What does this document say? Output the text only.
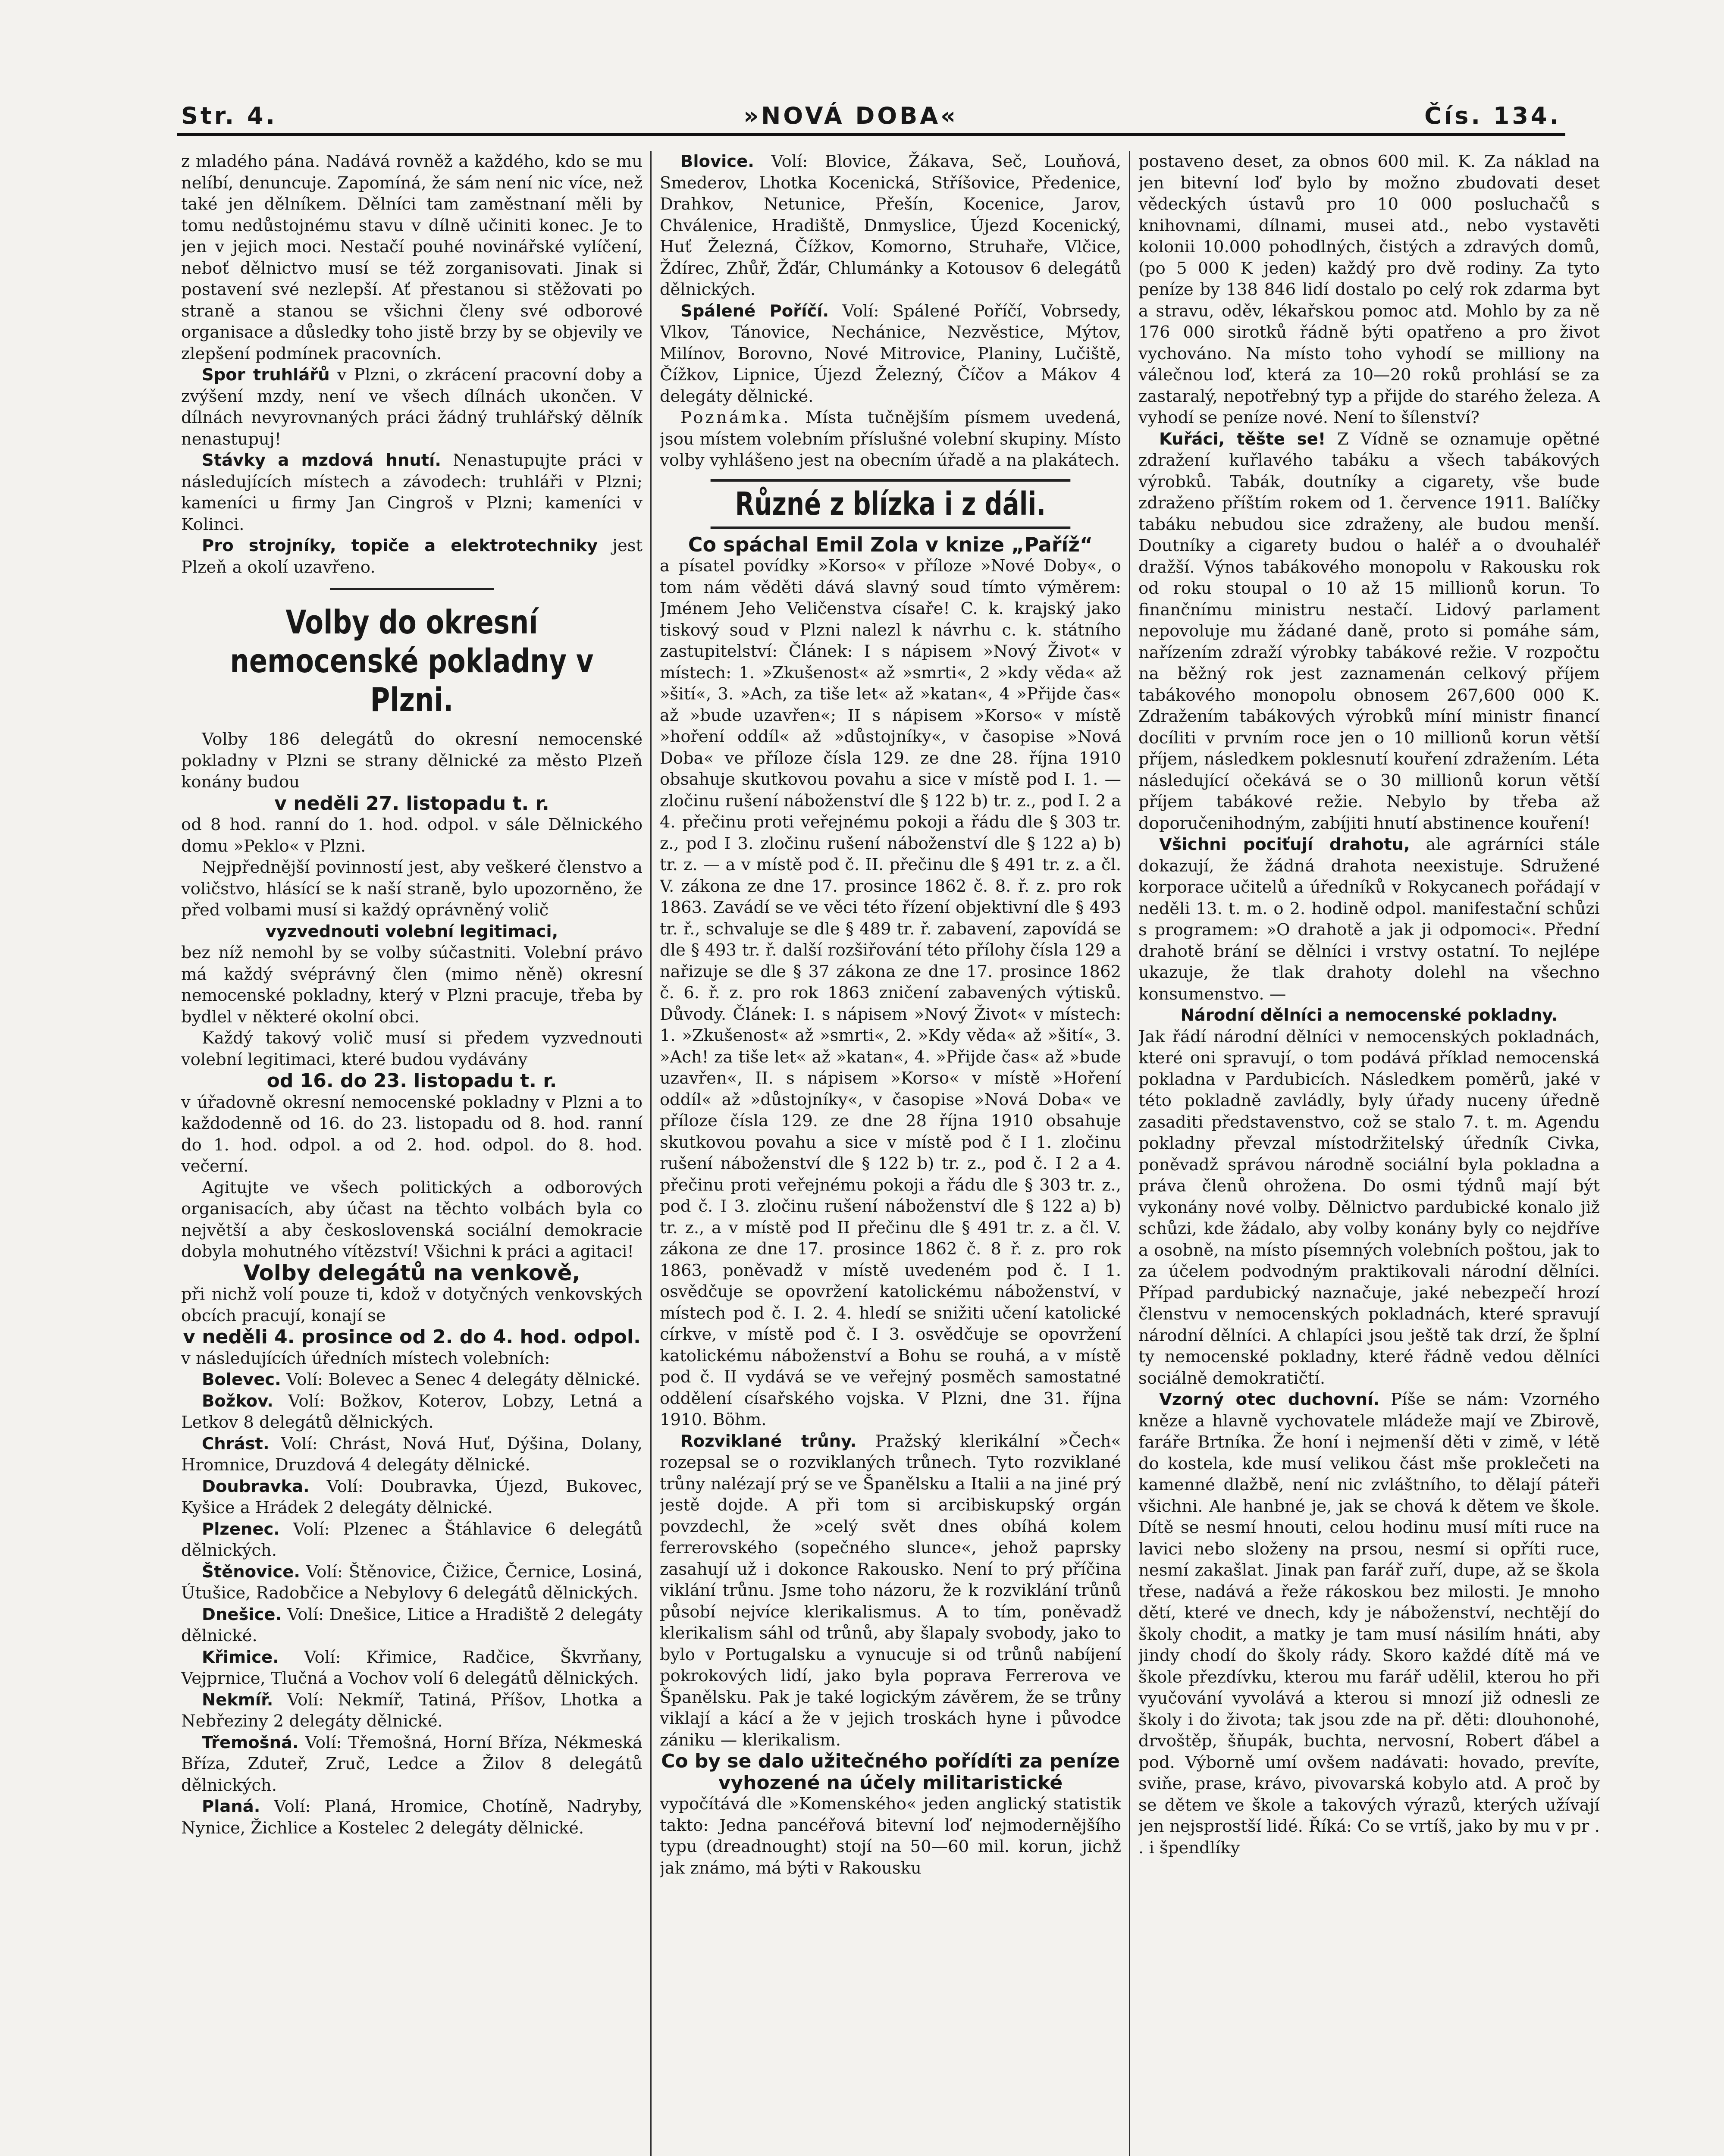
Str. 4.	»NOVÁ DOBA«	Čís. 134.

z mladého pána. Nadává rovněž a každého, kdo se mu nelíbí, denuncuje. Zapomíná, že sám není nic více, než také jen dělníkem. Dělníci tam zaměstnaní měli by tomu nedůstojnému stavu v dílně učiniti konec. Je to jen v jejich moci. Nestačí pouhé novinářské vylíčení, neboť dělnictvo musí se též zorganisovati. Jinak si postavení své nezlepší. Ať přestanou si stěžovati po straně a stanou se všichni členy své odborové organisace a důsledky toho jistě brzy by se objevily ve zlepšení podmínek pracovních.

Spor truhlářů v Plzni, o zkrácení pracovní doby a zvýšení mzdy, není ve všech dílnách ukončen. V dílnách nevyrovnaných práci žádný truhlářský dělník nenastupuj!

Stávky a mzdová hnutí. Nenastupujte práci v následujících místech a závodech: truhláři v Plzni; kameníci u firmy Jan Cingroš v Plzni; kameníci v Kolinci.

Pro strojníky, topiče a elektrotechniky jest Plzeň a okolí uzavřeno.

Volby do okresní nemocenské pokladny v Plzni.

Volby 186 delegátů do okresní nemocenské pokladny v Plzni se strany dělnické za město Plzeň konány budou

v neděli 27. listopadu t. r.

od 8 hod. ranní do 1. hod. odpol. v sále Dělnického domu »Peklo« v Plzni.

Nejpřednější povinností jest, aby veškeré členstvo a voličstvo, hlásící se k naší straně, bylo upozorněno, že před volbami musí si každý oprávněný volič

vyzvednouti volební legitimaci,

bez níž nemohl by se volby súčastniti. Volební právo má každý svéprávný člen (mimo něně) okresní nemocenské pokladny, který v Plzni pracuje, třeba by bydlel v některé okolní obci.

Každý takový volič musí si předem vyzvednouti volební legitimaci, které budou vydávány

od 16. do 23. listopadu t. r.

v úřadovně okresní nemocenské pokladny v Plzni a to každodenně od 16. do 23. listopadu od 8. hod. ranní do 1. hod. odpol. a od 2. hod. odpol. do 8. hod. večerní.

Agitujte ve všech politických a odborových organisacích, aby účast na těchto volbách byla co největší a aby československá sociální demokracie dobyla mohutného vítězství! Všichni k práci a agitaci!

Volby delegátů na venkově,

při nichž volí pouze ti, kdož v dotyčných venkovských obcích pracují, konají se

v neděli 4. prosince od 2. do 4. hod. odpol.

v následujících úředních místech volebních:

Bolevec. Volí: Bolevec a Senec 4 delegáty dělnické.

Božkov. Volí: Božkov, Koterov, Lobzy, Letná a Letkov 8 delegátů dělnických.

Chrást. Volí: Chrást, Nová Huť, Dýšina, Dolany, Hromnice, Druzdová 4 delegáty dělnické.

Doubravka. Volí: Doubravka, Újezd, Bukovec, Kyšice a Hrádek 2 delegáty dělnické.

Plzenec. Volí: Plzenec a Štáhlavice 6 delegátů dělnických.

Štěnovice. Volí: Štěnovice, Čižice, Černice, Losiná, Útušice, Radobčice a Nebylovy 6 delegátů dělnických.

Dnešice. Volí: Dnešice, Litice a Hradiště 2 delegáty dělnické.

Křimice. Volí: Křimice, Radčice, Škvrňany, Vejprnice, Tlučná a Vochov volí 6 delegátů dělnických.

Nekmíř. Volí: Nekmíř, Tatiná, Příšov, Lhotka a Nebřeziny 2 delegáty dělnické.

Třemošná. Volí: Třemošná, Horní Bříza, Nékmeská Bříza, Zduteř, Zruč, Ledce a Žilov 8 delegátů dělnických.

Planá. Volí: Planá, Hromice, Chotíně, Nadryby, Nynice, Žichlice a Kostelec 2 delegáty dělnické.

Blovice. Volí: Blovice, Žákava, Seč, Louňová, Smederov, Lhotka Kocenická, Stříšovice, Předenice, Drahkov, Netunice, Přešín, Kocenice, Jarov, Chválenice, Hradiště, Dnmyslice, Újezd Kocenický, Huť Železná, Čížkov, Komorno, Struhaře, Vlčice, Ždírec, Zhůř, Žďár, Chlumánky a Kotousov 6 delegátů dělnických.

Spálené Poříčí. Volí: Spálené Poříčí, Vobrsedy, Vlkov, Tánovice, Nechánice, Nezvěstice, Mýtov, Milínov, Borovno, Nové Mitrovice, Planiny, Lučiště, Čížkov, Lipnice, Újezd Železný, Číčov a Mákov 4 delegáty dělnické.

Poznámka. Místa tučnějším písmem uvedená, jsou místem volebním příslušné volební skupiny. Místo volby vyhlášeno jest na obecním úřadě a na plakátech.

Různé z blízka i z dáli.

Co spáchal Emil Zola v knize „Paříž“

a písatel povídky »Korso« v příloze »Nové Doby«, o tom nám věděti dává slavný soud tímto výměrem: Jménem Jeho Veličenstva císaře! C. k. krajský jako tiskový soud v Plzni nalezl k návrhu c. k. státního zastupitelství: Článek: I s nápisem »Nový Život« v místech: 1. »Zkušenost« až »smrti«, 2 »kdy věda« až »šití«, 3. »Ach, za tiše let« až »katan«, 4 »Přijde čas« až »bude uzavřen«; II s nápisem »Korso« v místě »hoření oddíl« až »důstojníky«, v časopise »Nová Doba« ve příloze čísla 129. ze dne 28. října 1910 obsahuje skutkovou povahu a sice v místě pod I. 1. — zločinu rušení náboženství dle § 122 b) tr. z., pod I. 2 a 4. přečinu proti veřejnému pokoji a řádu dle § 303 tr. z., pod I 3. zločinu rušení náboženství dle § 122 a) b) tr. z. — a v místě pod č. II. přečinu dle § 491 tr. z. a čl. V. zákona ze dne 17. prosince 1862 č. 8. ř. z. pro rok 1863. Zavádí se ve věci této řízení objektivní dle § 493 tr. ř., schvaluje se dle § 489 tr. ř. zabavení, zapovídá se dle § 493 tr. ř. další rozšiřování této přílohy čísla 129 a nařizuje se dle § 37 zákona ze dne 17. prosince 1862 č. 6. ř. z. pro rok 1863 zničení zabavených výtisků. Důvody. Článek: I. s nápisem »Nový Život« v místech: 1. »Zkušenost« až »smrti«, 2. »Kdy věda« až »šití«, 3. »Ach! za tiše let« až »katan«, 4. »Přijde čas« až »bude uzavřen«, II. s nápisem »Korso« v místě »Hoření oddíl« až »důstojníky«, v časopise »Nová Doba« ve příloze čísla 129. ze dne 28 října 1910 obsahuje skutkovou povahu a sice v místě pod č I 1. zločinu rušení náboženství dle § 122 b) tr. z., pod č. I 2 a 4. přečinu proti veřejnému pokoji a řádu dle § 303 tr. z., pod č. I 3. zločinu rušení náboženství dle § 122 a) b) tr. z., a v místě pod II přečinu dle § 491 tr. z. a čl. V. zákona ze dne 17. prosince 1862 č. 8 ř. z. pro rok 1863, poněvadž v místě uvedeném pod č. I 1. osvědčuje se opovržení katolickému náboženství, v místech pod č. I. 2. 4. hledí se snižiti učení katolické církve, v místě pod č. I 3. osvědčuje se opovržení katolickému náboženství a Bohu se rouhá, a v místě pod č. II vydává se ve veřejný posměch samostatné oddělení císařského vojska. V Plzni, dne 31. října 1910. Böhm.

Rozviklané trůny. Pražský klerikální »Čech« rozepsal se o rozviklaných trůnech. Tyto rozviklané trůny nalézají prý se ve Španělsku a Italii a na jiné prý jestě dojde. A při tom si arcibiskupský orgán povzdechl, že »celý svět dnes obíhá kolem ferrerovského (sopečného slunce«, jehož paprsky zasahují už i dokonce Rakousko. Není to prý příčina viklání trůnu. Jsme toho názoru, že k rozviklání trůnů působí nejvíce klerikalismus. A to tím, poněvadž klerikalism sáhl od trůnů, aby šlapaly svobody, jako to bylo v Portugalsku a vynucuje si od trůnů nabíjení pokrokových lidí, jako byla poprava Ferrerova ve Španělsku. Pak je také logickým závěrem, že se trůny viklají a kácí a že v jejich troskách hyne i původce zániku — klerikalism.

Co by se dalo užitečného pořídíti za peníze vyhozené na účely militaristické

vypočítává dle »Komenského« jeden anglický statistik takto: Jedna pancéřová bitevní loď nejmodernějšího typu (dreadnought) stojí na 50—60 mil. korun, jichž jak známo, má býti v Rakousku

postaveno deset, za obnos 600 mil. K. Za náklad na jen bitevní loď bylo by možno zbudovati deset vědeckých ústavů pro 10 000 posluchačů s knihovnami, dílnami, musei atd., nebo vystavěti kolonii 10.000 pohodlných, čistých a zdravých domů, (po 5 000 K jeden) každý pro dvě rodiny. Za tyto peníze by 138 846 lidí dostalo po celý rok zdarma byt a stravu, oděv, lékařskou pomoc atd. Mohlo by za ně 176 000 sirotků řádně býti opatřeno a pro život vychováno. Na místo toho vyhodí se milliony na válečnou loď, která za 10—20 roků prohlásí se za zastaralý, nepotřebný typ a přijde do starého železa. A vyhodí se peníze nové. Není to šílenství?

Kuřáci, těšte se! Z Vídně se oznamuje opětné zdražení kuřlavého tabáku a všech tabákových výrobků. Tabák, doutníky a cigarety, vše bude zdraženo příštím rokem od 1. července 1911. Balíčky tabáku nebudou sice zdraženy, ale budou menší. Doutníky a cigarety budou o haléř a o dvouhaléř dražší. Výnos tabákového monopolu v Rakousku rok od roku stoupal o 10 až 15 millionů korun. To finančnímu ministru nestačí. Lidový parlament nepovoluje mu žádané daně, proto si pomáhe sám, nařízením zdraží výrobky tabákové režie. V rozpočtu na běžný rok jest zaznamenán celkový příjem tabákového monopolu obnosem 267,600 000 K. Zdražením tabákových výrobků míní ministr financí docíliti v prvním roce jen o 10 millionů korun větší příjem, následkem poklesnutí kouření zdražením. Léta následující očekává se o 30 millionů korun větší příjem tabákové režie. Nebylo by třeba až doporučenihodným, zabíjiti hnutí abstinence kouření!

Všichni pociťují drahotu, ale agrárníci stále dokazují, že žádná drahota neexistuje. Sdružené korporace učitelů a úředníků v Rokycanech pořádají v neděli 13. t. m. o 2. hodině odpol. manifestační schůzi s programem: »O drahotě a jak ji odpomoci«. Přední drahotě brání se dělníci i vrstvy ostatní. To nejlépe ukazuje, že tlak drahoty dolehl na všechno konsumenstvo. —

Národní dělníci a nemocenské pokladny.

Jak řádí národní dělníci v nemocenských pokladnách, které oni spravují, o tom podává příklad nemocenská pokladna v Pardubicích. Následkem poměrů, jaké v této pokladně zavládly, byly úřady nuceny úředně zasaditi představenstvo, což se stalo 7. t. m. Agendu pokladny převzal místodržitelský úředník Civka, poněvadž správou národně sociální byla pokladna a práva členů ohrožena. Do osmi týdnů mají být vykonány nové volby. Dělnictvo pardubické konalo již schůzi, kde žádalo, aby volby konány byly co nejdříve a osobně, na místo písemných volebních poštou, jak to za účelem podvodným praktikovali národní dělníci. Případ pardubický naznačuje, jaké nebezpečí hrozí členstvu v nemocenských pokladnách, které spravují národní dělníci. A chlapíci jsou ještě tak drzí, že šplní ty nemocenské pokladny, které řádně vedou dělníci sociálně demokratičtí.

Vzorný otec duchovní. Píše se nám: Vzorného kněze a hlavně vychovatele mládeže mají ve Zbirově, faráře Brtníka. Že honí i nejmenší děti v zimě, v létě do kostela, kde musí velikou část mše proklečeti na kamenné dlažbě, není nic zvláštního, to dělají páteři všichni. Ale hanbné je, jak se chová k dětem ve škole. Dítě se nesmí hnouti, celou hodinu musí míti ruce na lavici nebo složeny na prsou, nesmí si opříti ruce, nesmí zakašlat. Jinak pan farář zuří, dupe, až se škola třese, nadává a řeže rákoskou bez milosti. Je mnoho dětí, které ve dnech, kdy je náboženství, nechtějí do školy chodit, a matky je tam musí násilím hnáti, aby jindy chodí do školy rády. Skoro každé dítě má ve škole přezdívku, kterou mu farář udělil, kterou ho při vyučování vyvolává a kterou si mnozí již odnesli ze školy i do života; tak jsou zde na př. děti: dlouhonohé, drvoštěp, šňupák, buchta, nervosní, Robert ďábel a pod. Výborně umí ovšem nadávati: hovado, prevíte, sviňe, prase, krávo, pivovarská kobylo atd. A proč by se dětem ve škole a takových výrazů, kterých užívají jen nejsprostší lidé. Říká: Co se vrtíš, jako by mu v pr . . i špendlíky
